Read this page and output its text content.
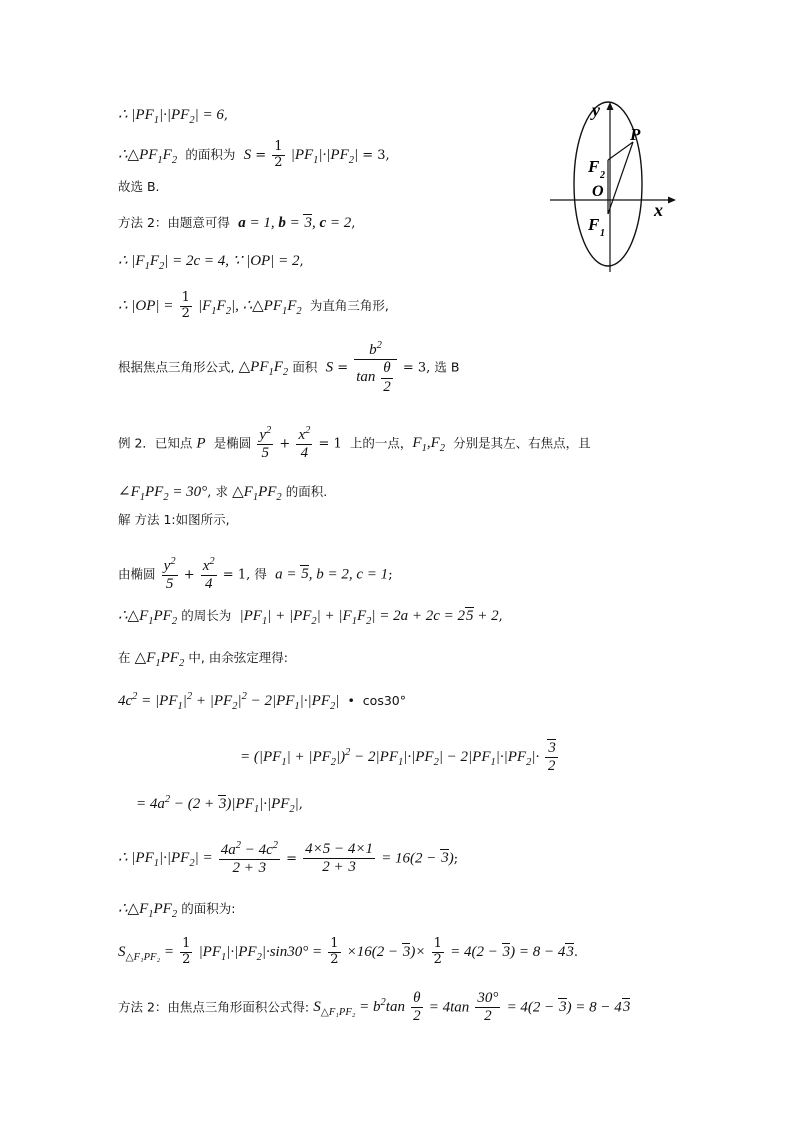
∴ $|PF_1|\cdot|PF_2| = 6$,
$\therefore\triangle PF_1F_2$ 的面积为 $S = \frac{1}{2} |PF_1|\cdot|PF_2| = 3$,
故选 B.
方法 2：由题意可得 a = 1, b = 3, c = 2,
∴ $|F_1F_2| = 2c = 4$, ∵ |OP| = 2,
∴ $|OP| = \frac{1}{2} |F_1F_2|$, $\therefore\triangle PF_1F_2$ 为直角三角形,
根据焦点三角形公式, $\triangle PF_1F_2$ 面积 $S = \frac{b^2}{\tan \frac{\theta}{2}} = 3$, 选 B
例 2．已知点 P  是椭圆 $\frac{y^2}{5} + \frac{x^2}{4} = 1$  上的一点，$F_1,F_2$  分别是其左、右焦点，且
$\angle F_1PF_2 = 30^\circ$, 求 $\triangle F_1PF_2$ 的面积.
解 方法 1:如图所示,
由椭圆 $\frac{y^2}{5} + \frac{x^2}{4} = 1$, 得 a = 5, b = 2, c = 1;
$\therefore\triangle F_1PF_2$ 的周长为 $|PF_1| + |PF_2| + |F_1F_2| = 2a + 2c = 25 + 2$,
在 $\triangle F_1PF_2$ 中, 由余弦定理得:
$4c^2 = |PF_1|^2 + |PF_2|^2 - 2|PF_1|\cdot|PF_2|$  •  cos30°
= $(|PF_1| + |PF_2|)^2 - 2|PF_1|\cdot|PF_2| - 2|PF_1|\cdot|PF_2|\cdot \frac{3}{2}$
= $4a^2 - (2 + 3)|PF_1|\cdot|PF_2|$,
∴ $|PF_1|\cdot|PF_2| = \frac{4a^2 - 4c^2}{2 + 3} = \frac{4\times 5 - 4\times 1}{2 + 3} = 16(2 - 3)$;
$\therefore\triangle F_1PF_2$ 的面积为:
$S_{\triangle F_1PF_2} = \frac{1}{2} |PF_1|\cdot|PF_2|\cdot\sin 30^\circ = \frac{1}{2} \times 16(2 - 3)\times \frac{1}{2} = 4(2 - 3) = 8 - 43$.
方法 2：由焦点三角形面积公式得: $S_{\triangle F_1PF_2} = b^2\tan \frac{\theta}{2} = 4\tan \frac{30^\circ}{2} = 4(2 - 3) = 8 - 43$
y
x
P
O
F 2
F 1
